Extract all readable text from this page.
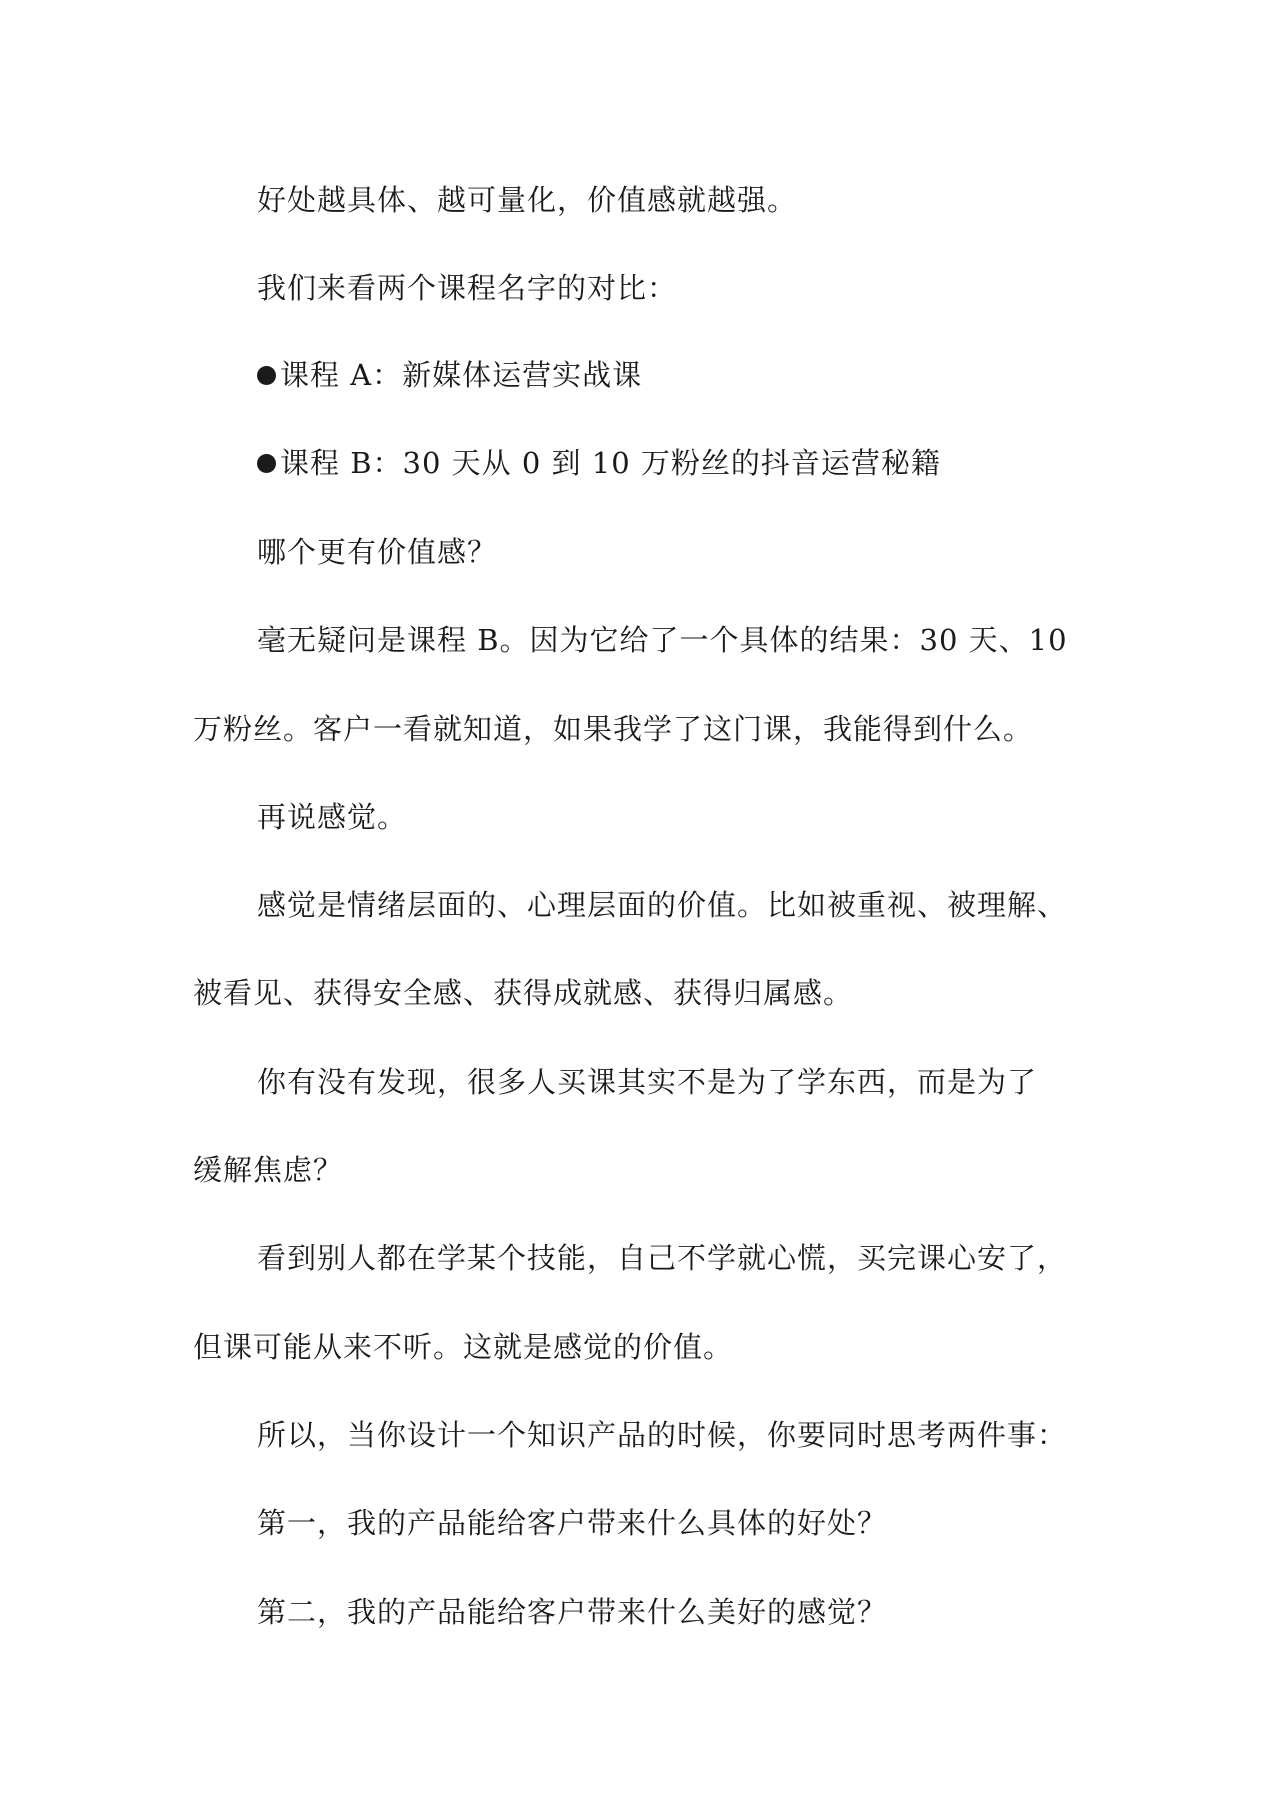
好处越具体、越可量化，价值感就越强。
我们来看两个课程名字的对比：
课程 A：新媒体运营实战课
课程 B：30 天从 0 到 10 万粉丝的抖音运营秘籍
哪个更有价值感？
毫无疑问是课程 B。因为它给了一个具体的结果：30 天、10
万粉丝。客户一看就知道，如果我学了这门课，我能得到什么。
再说感觉。
感觉是情绪层面的、心理层面的价值。比如被重视、被理解、
被看见、获得安全感、获得成就感、获得归属感。
你有没有发现，很多人买课其实不是为了学东西，而是为了
缓解焦虑？
看到别人都在学某个技能，自己不学就心慌，买完课心安了，
但课可能从来不听。这就是感觉的价值。
所以，当你设计一个知识产品的时候，你要同时思考两件事：
第一，我的产品能给客户带来什么具体的好处？
第二，我的产品能给客户带来什么美好的感觉？
